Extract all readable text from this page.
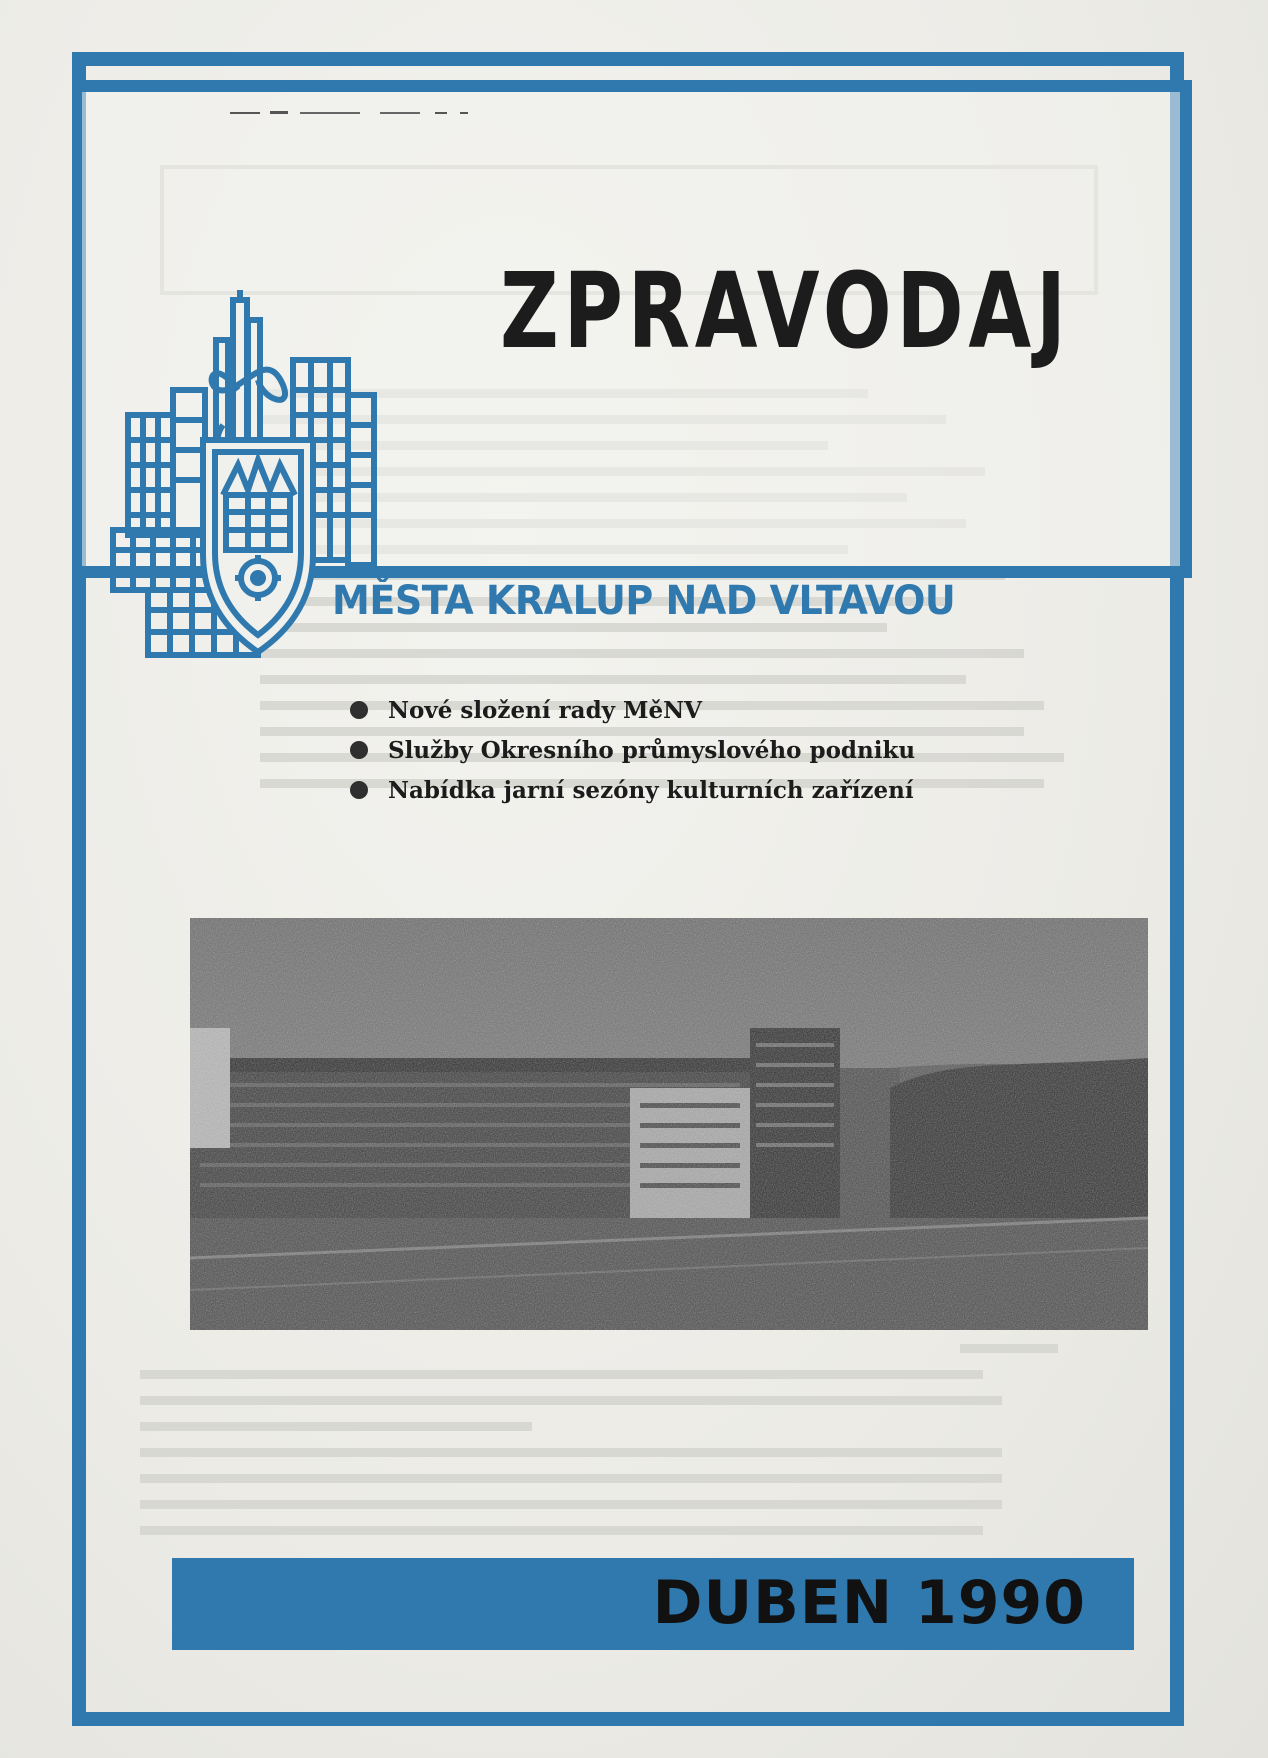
ZPRAVODAJ
MĚSTA KRALUP NAD VLTAVOU
Nové složení rady MěNV
Služby Okresního průmyslového podniku
Nabídka jarní sezóny kulturních zařízení
DUBEN 1990
